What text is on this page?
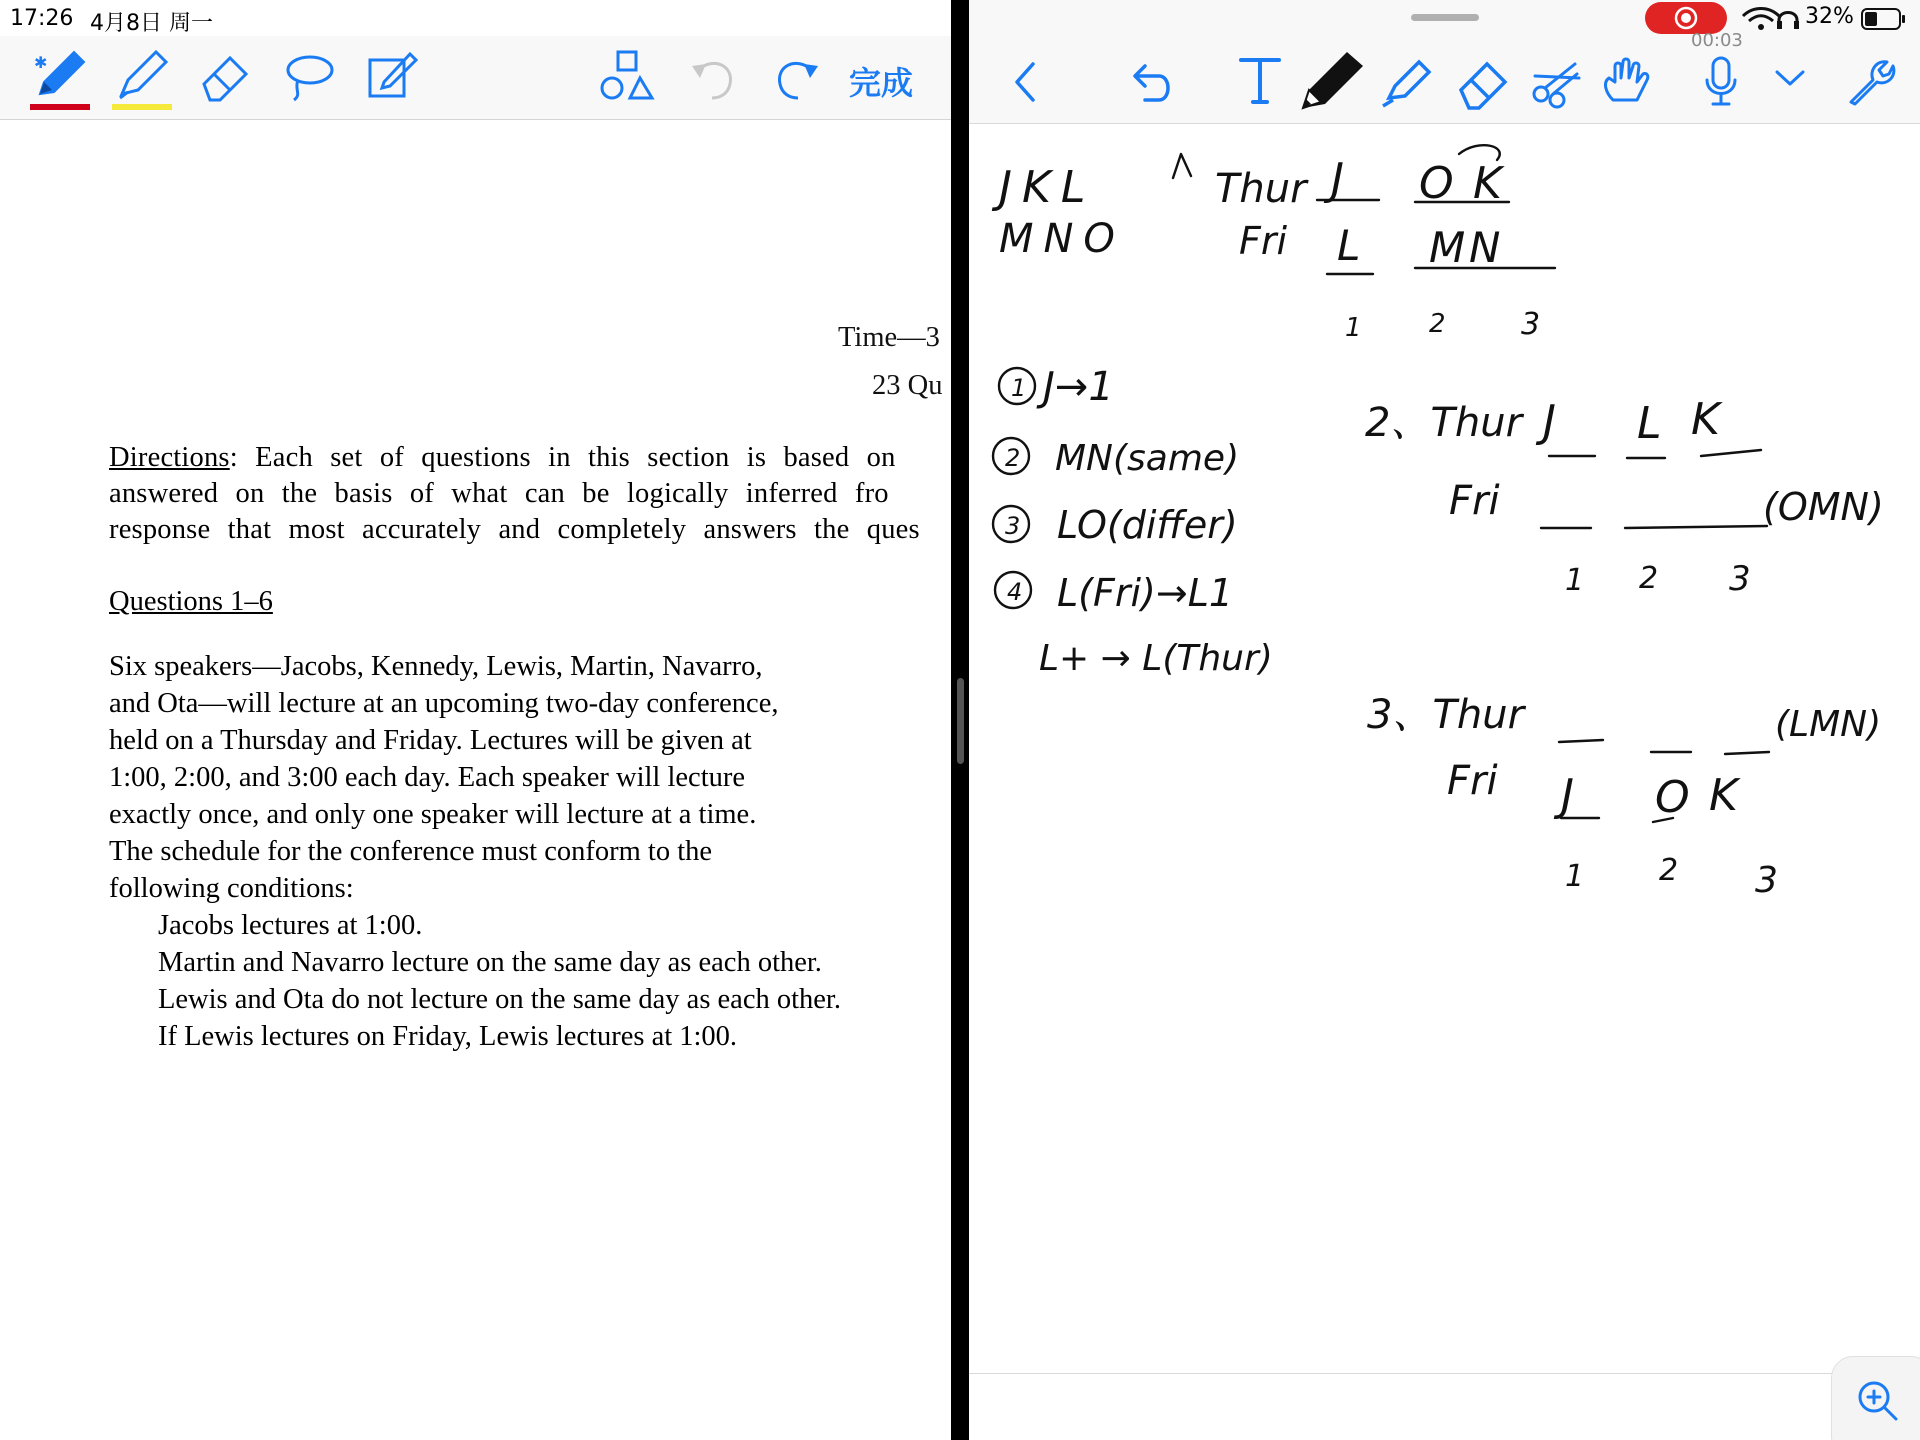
17:26 4月8日 周一
✱
完成
Time—3
23 Qu
Directions: Each set of questions in this section is based on
answered on the basis of what can be logically inferred fro
response that most accurately and completely answers the ques
Questions 1–6
Six speakers—Jacobs, Kennedy, Lewis, Martin, Navarro,
and Ota—will lecture at an upcoming two-day conference,
held on a Thursday and Friday. Lectures will be given at
1:00, 2:00, and 3:00 each day. Each speaker will lecture
exactly once, and only one speaker will lecture at a time.
The schedule for the conference must conform to the
following conditions:
Jacobs lectures at 1:00.
Martin and Navarro lecture on the same day as each other.
Lewis and Ota do not lecture on the same day as each other.
If Lewis lectures on Friday, Lewis lectures at 1:00.
00:03
32%
JKL
MNO
Thur
Fri
J O K
L M
N
1	2	3
1 J→1
2 MN(same)
3 LO(differ)
4 L(Fri)→L1
L+ → L(Thur)
2、Thur
Fri
J L K
(OMN)
1 2 3
3、Thur
Fri J O K
(LMN)
1 2 3
